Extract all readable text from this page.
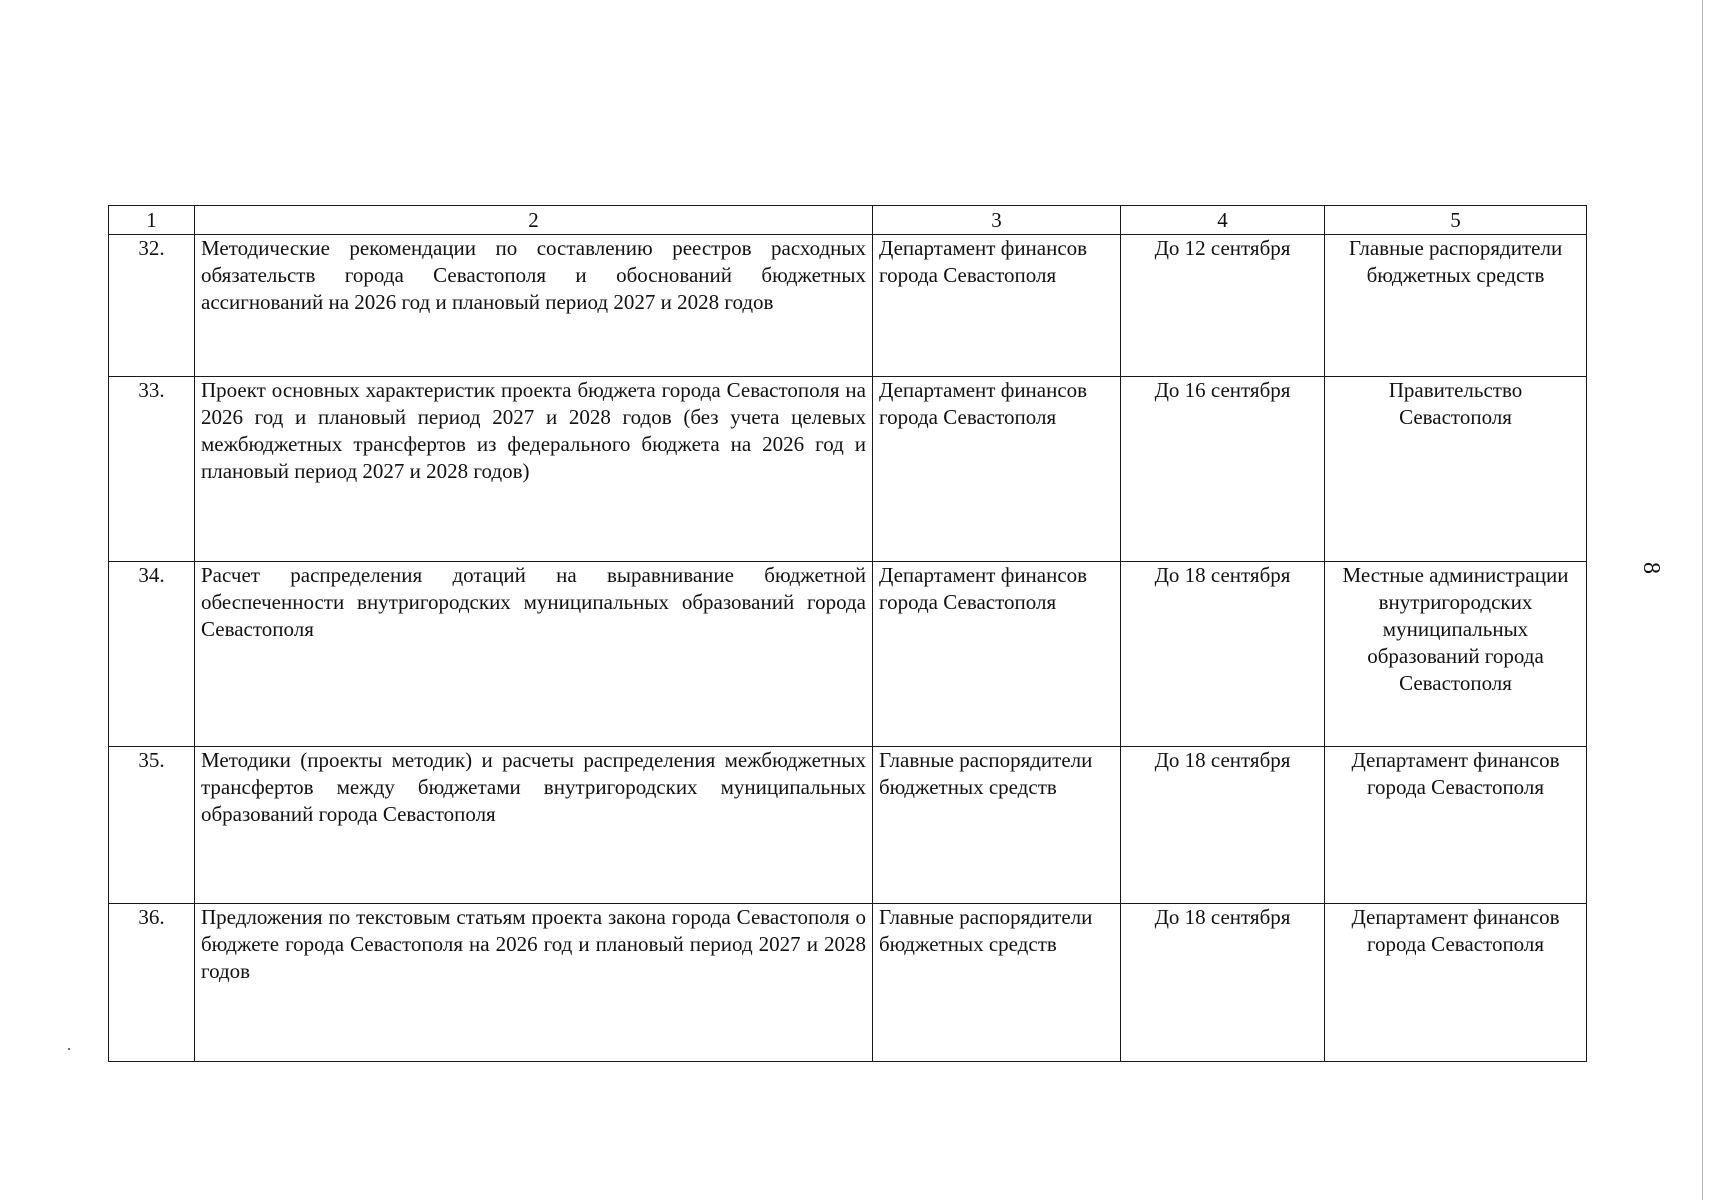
8
1	2	3	4	5
32.	Методические рекомендации по составлению реестров расходных обязательств города Севастополя и обоснований бюджетных ассигнований на 2026 год и плановый период 2027 и 2028 годов	Департамент финансов города Севастополя	До 12 сентября	Главные распорядители бюджетных средств
33.	Проект основных характеристик проекта бюджета города Севастополя на 2026 год и плановый период 2027 и 2028 годов (без учета целевых межбюджетных трансфертов из федерального бюджета на 2026 год и плановый период 2027 и 2028 годов)	Департамент финансов города Севастополя	До 16 сентября	Правительство Севастополя
34.	Расчет распределения дотаций на выравнивание бюджетной обеспеченности внутригородских муниципальных образований города Севастополя	Департамент финансов города Севастополя	До 18 сентября	Местные администрации внутригородских муниципальных образований города Севастополя
35.	Методики (проекты методик) и расчеты распределения межбюджетных трансфертов между бюджетами внутригородских муниципальных образований города Севастополя	Главные распорядители бюджетных средств	До 18 сентября	Департамент финансов города Севастополя
36.	Предложения по текстовым статьям проекта закона города Севастополя о бюджете города Севастополя на 2026 год и плановый период 2027 и 2028 годов	Главные распорядители бюджетных средств	До 18 сентября	Департамент финансов города Севастополя
